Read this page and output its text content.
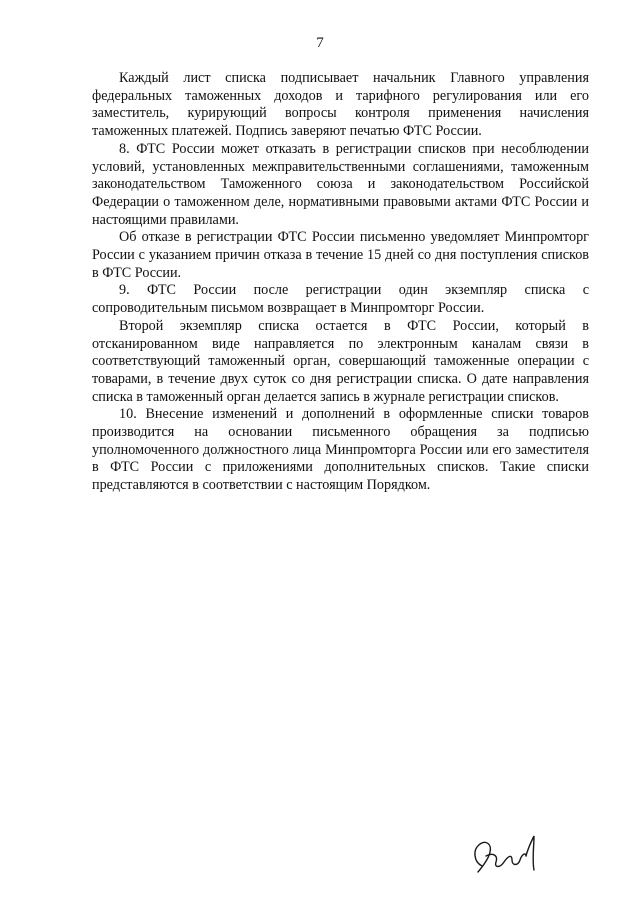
7

Каждый лист списка подписывает начальник Главного управления федеральных таможенных доходов и тарифного регулирования или его заместитель, курирующий вопросы контроля применения начисления таможенных платежей. Подпись заверяют печатью ФТС России.

8. ФТС России может отказать в регистрации списков при несоблюдении условий, установленных межправительственными соглашениями, таможенным законодательством Таможенного союза и законодательством Российской Федерации о таможенном деле, нормативными правовыми актами ФТС России и настоящими правилами.

Об отказе в регистрации ФТС России письменно уведомляет Минпромторг России с указанием причин отказа в течение 15 дней со дня поступления списков в ФТС России.

9. ФТС России после регистрации один экземпляр списка с сопроводительным письмом возвращает в Минпромторг России.

Второй экземпляр списка остается в ФТС России, который в отсканированном виде направляется по электронным каналам связи в соответствующий таможенный орган, совершающий таможенные операции с товарами, в течение двух суток со дня регистрации списка. О дате направления списка в таможенный орган делается запись в журнале регистрации списков.

10. Внесение изменений и дополнений в оформленные списки товаров производится на основании письменного обращения за подписью уполномоченного должностного лица Минпромторга России или его заместителя в ФТС России с приложениями дополнительных списков. Такие списки представляются в соответствии с настоящим Порядком.
